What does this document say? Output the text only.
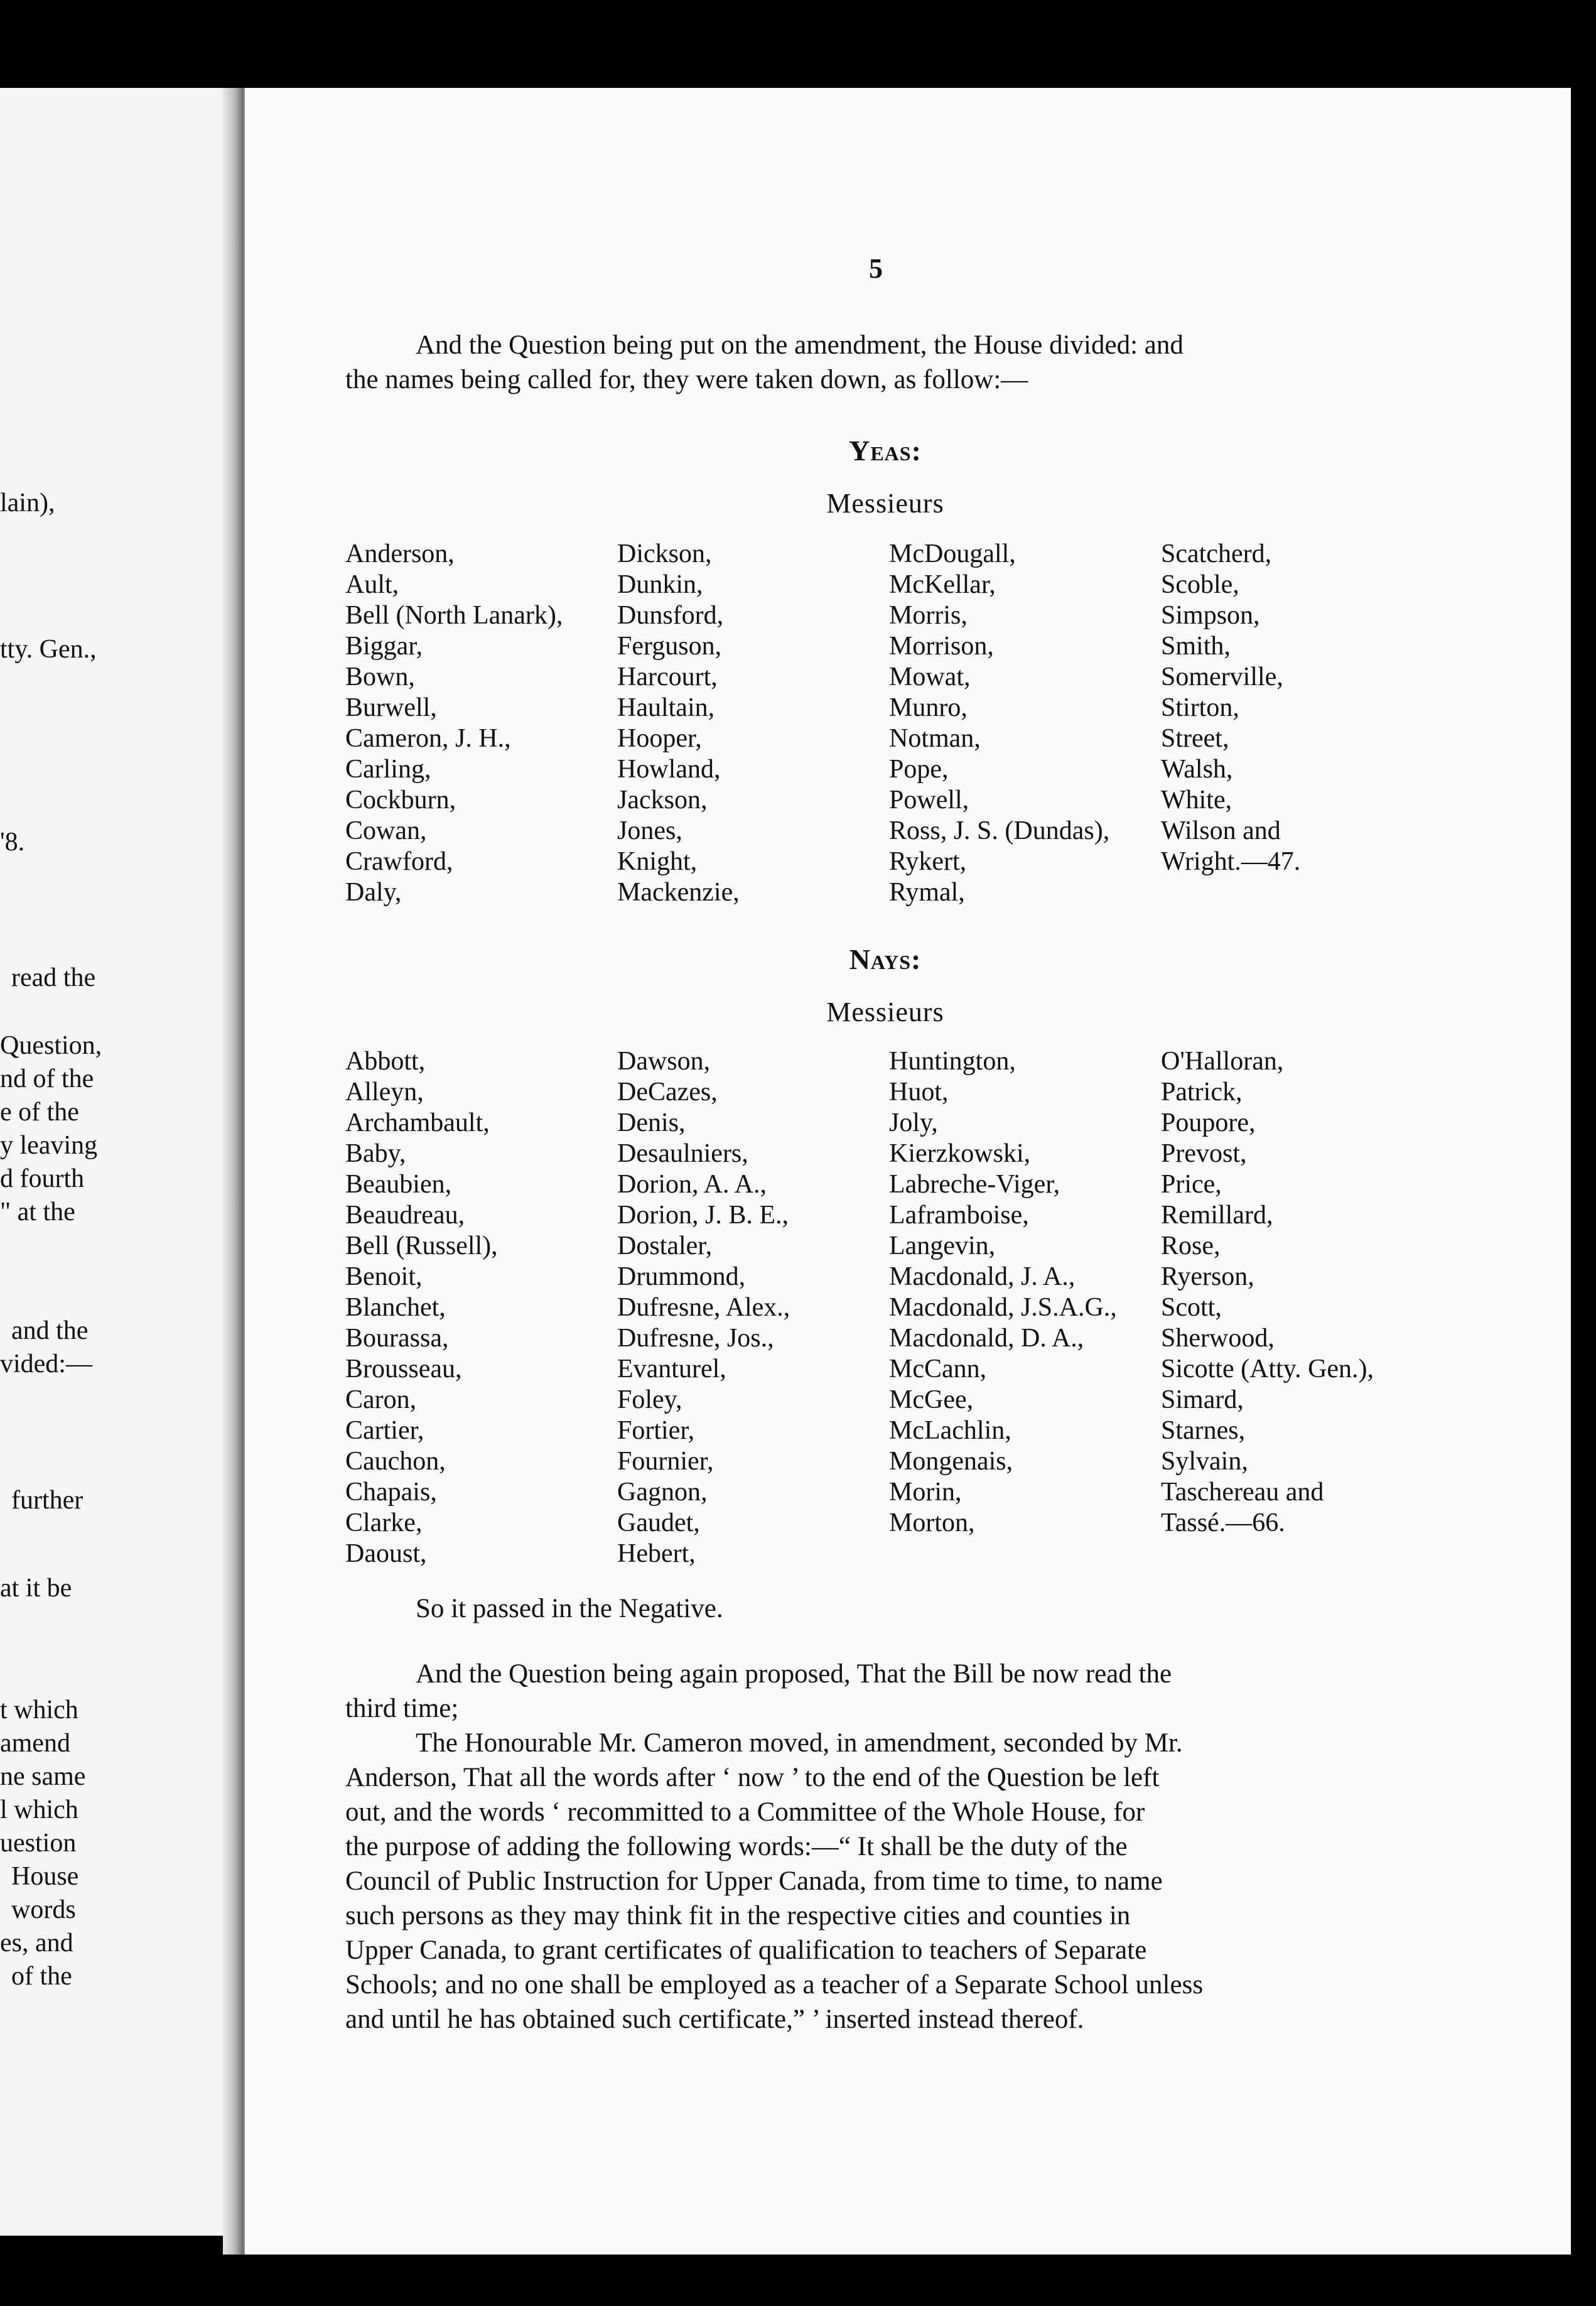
lain),
tty. Gen.,
'8.
read the
Question,
nd of the
e of the
y leaving
d fourth
" at the
and the
vided:—
further
at it be
t which
amend
ne same
l which
uestion
House
words
es, and
of the
5
And the Question being put on the amendment, the House divided: and
the names being called for, they were taken down, as follow:—
Yeas:
Messieurs
Anderson,
Ault,
Bell (North Lanark),
Biggar,
Bown,
Burwell,
Cameron, J. H.,
Carling,
Cockburn,
Cowan,
Crawford,
Daly,
Dickson,
Dunkin,
Dunsford,
Ferguson,
Harcourt,
Haultain,
Hooper,
Howland,
Jackson,
Jones,
Knight,
Mackenzie,
McDougall,
McKellar,
Morris,
Morrison,
Mowat,
Munro,
Notman,
Pope,
Powell,
Ross, J. S. (Dundas),
Rykert,
Rymal,
Scatcherd,
Scoble,
Simpson,
Smith,
Somerville,
Stirton,
Street,
Walsh,
White,
Wilson and
Wright.—47.
Nays:
Messieurs
Abbott,
Alleyn,
Archambault,
Baby,
Beaubien,
Beaudreau,
Bell (Russell),
Benoit,
Blanchet,
Bourassa,
Brousseau,
Caron,
Cartier,
Cauchon,
Chapais,
Clarke,
Daoust,
Dawson,
DeCazes,
Denis,
Desaulniers,
Dorion, A. A.,
Dorion, J. B. E.,
Dostaler,
Drummond,
Dufresne, Alex.,
Dufresne, Jos.,
Evanturel,
Foley,
Fortier,
Fournier,
Gagnon,
Gaudet,
Hebert,
Huntington,
Huot,
Joly,
Kierzkowski,
Labreche-Viger,
Laframboise,
Langevin,
Macdonald, J. A.,
Macdonald, J.S.A.G.,
Macdonald, D. A.,
McCann,
McGee,
McLachlin,
Mongenais,
Morin,
Morton,
O'Halloran,
Patrick,
Poupore,
Prevost,
Price,
Remillard,
Rose,
Ryerson,
Scott,
Sherwood,
Sicotte (Atty. Gen.),
Simard,
Starnes,
Sylvain,
Taschereau and
Tassé.—66.
So it passed in the Negative.
And the Question being again proposed, That the Bill be now read the
third time;
The Honourable Mr. Cameron moved, in amendment, seconded by Mr.
Anderson, That all the words after ‘ now ’ to the end of the Question be left
out, and the words ‘ recommitted to a Committee of the Whole House, for
the purpose of adding the following words:—“ It shall be the duty of the
Council of Public Instruction for Upper Canada, from time to time, to name
such persons as they may think fit in the respective cities and counties in
Upper Canada, to grant certificates of qualification to teachers of Separate
Schools; and no one shall be employed as a teacher of a Separate School unless
and until he has obtained such certificate,” ’ inserted instead thereof.
